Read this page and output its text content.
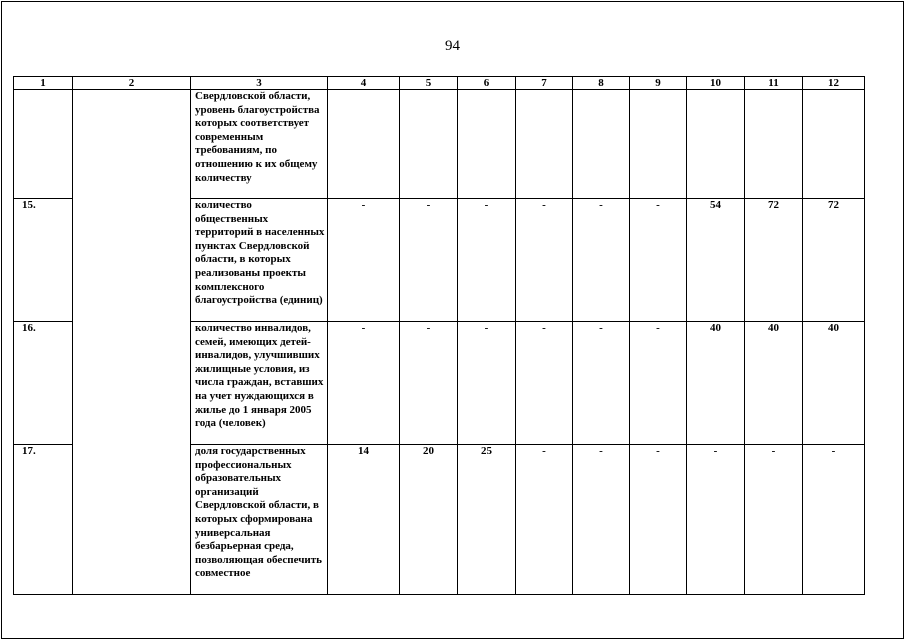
94
1	2	3	4	5	6	7	8	9	10	11	12
		Свердловской области, уровень благоустройства которых соответствует современным требованиям, по отношению к их общему количеству									
15.		количество общественных территорий в населенных пунктах Свердловской области, в которых реализованы проекты комплексного благоустройства (единиц)	-	-	-	-	-	-	54	72	72
16.		количество инвалидов, семей, имеющих детей-инвалидов, улучшивших жилищные условия, из числа граждан, вставших на учет нуждающихся в жилье до 1 января 2005 года (человек)	-	-	-	-	-	-	40	40	40
17.		доля государственных профессиональных образовательных организаций Свердловской области, в которых сформирована универсальная безбарьерная среда, позволяющая обеспечить совместное	14	20	25	-	-	-	-	-	-
